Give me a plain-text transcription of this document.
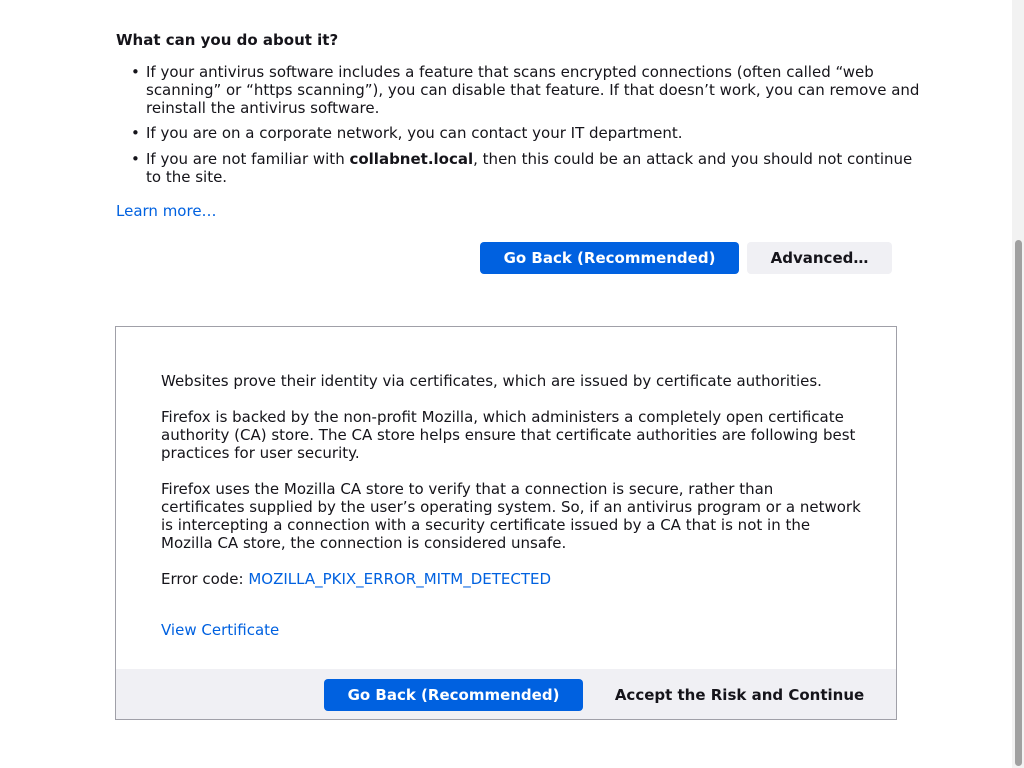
What can you do about it?
• If your antivirus software includes a feature that scans encrypted connections (often called “web scanning” or “https scanning”), you can disable that feature. If that doesn’t work, you can remove and reinstall the antivirus software.
• If you are on a corporate network, you can contact your IT department.
• If you are not familiar with collabnet.local, then this could be an attack and you should not continue to the site.
Learn more…
Go Back (Recommended)	Advanced…

Websites prove their identity via certificates, which are issued by certificate authorities.

Firefox is backed by the non-profit Mozilla, which administers a completely open certificate authority (CA) store. The CA store helps ensure that certificate authorities are following best practices for user security.

Firefox uses the Mozilla CA store to verify that a connection is secure, rather than certificates supplied by the user’s operating system. So, if an antivirus program or a network is intercepting a connection with a security certificate issued by a CA that is not in the Mozilla CA store, the connection is considered unsafe.

Error code: MOZILLA_PKIX_ERROR_MITM_DETECTED

View Certificate
Go Back (Recommended)	Accept the Risk and Continue
